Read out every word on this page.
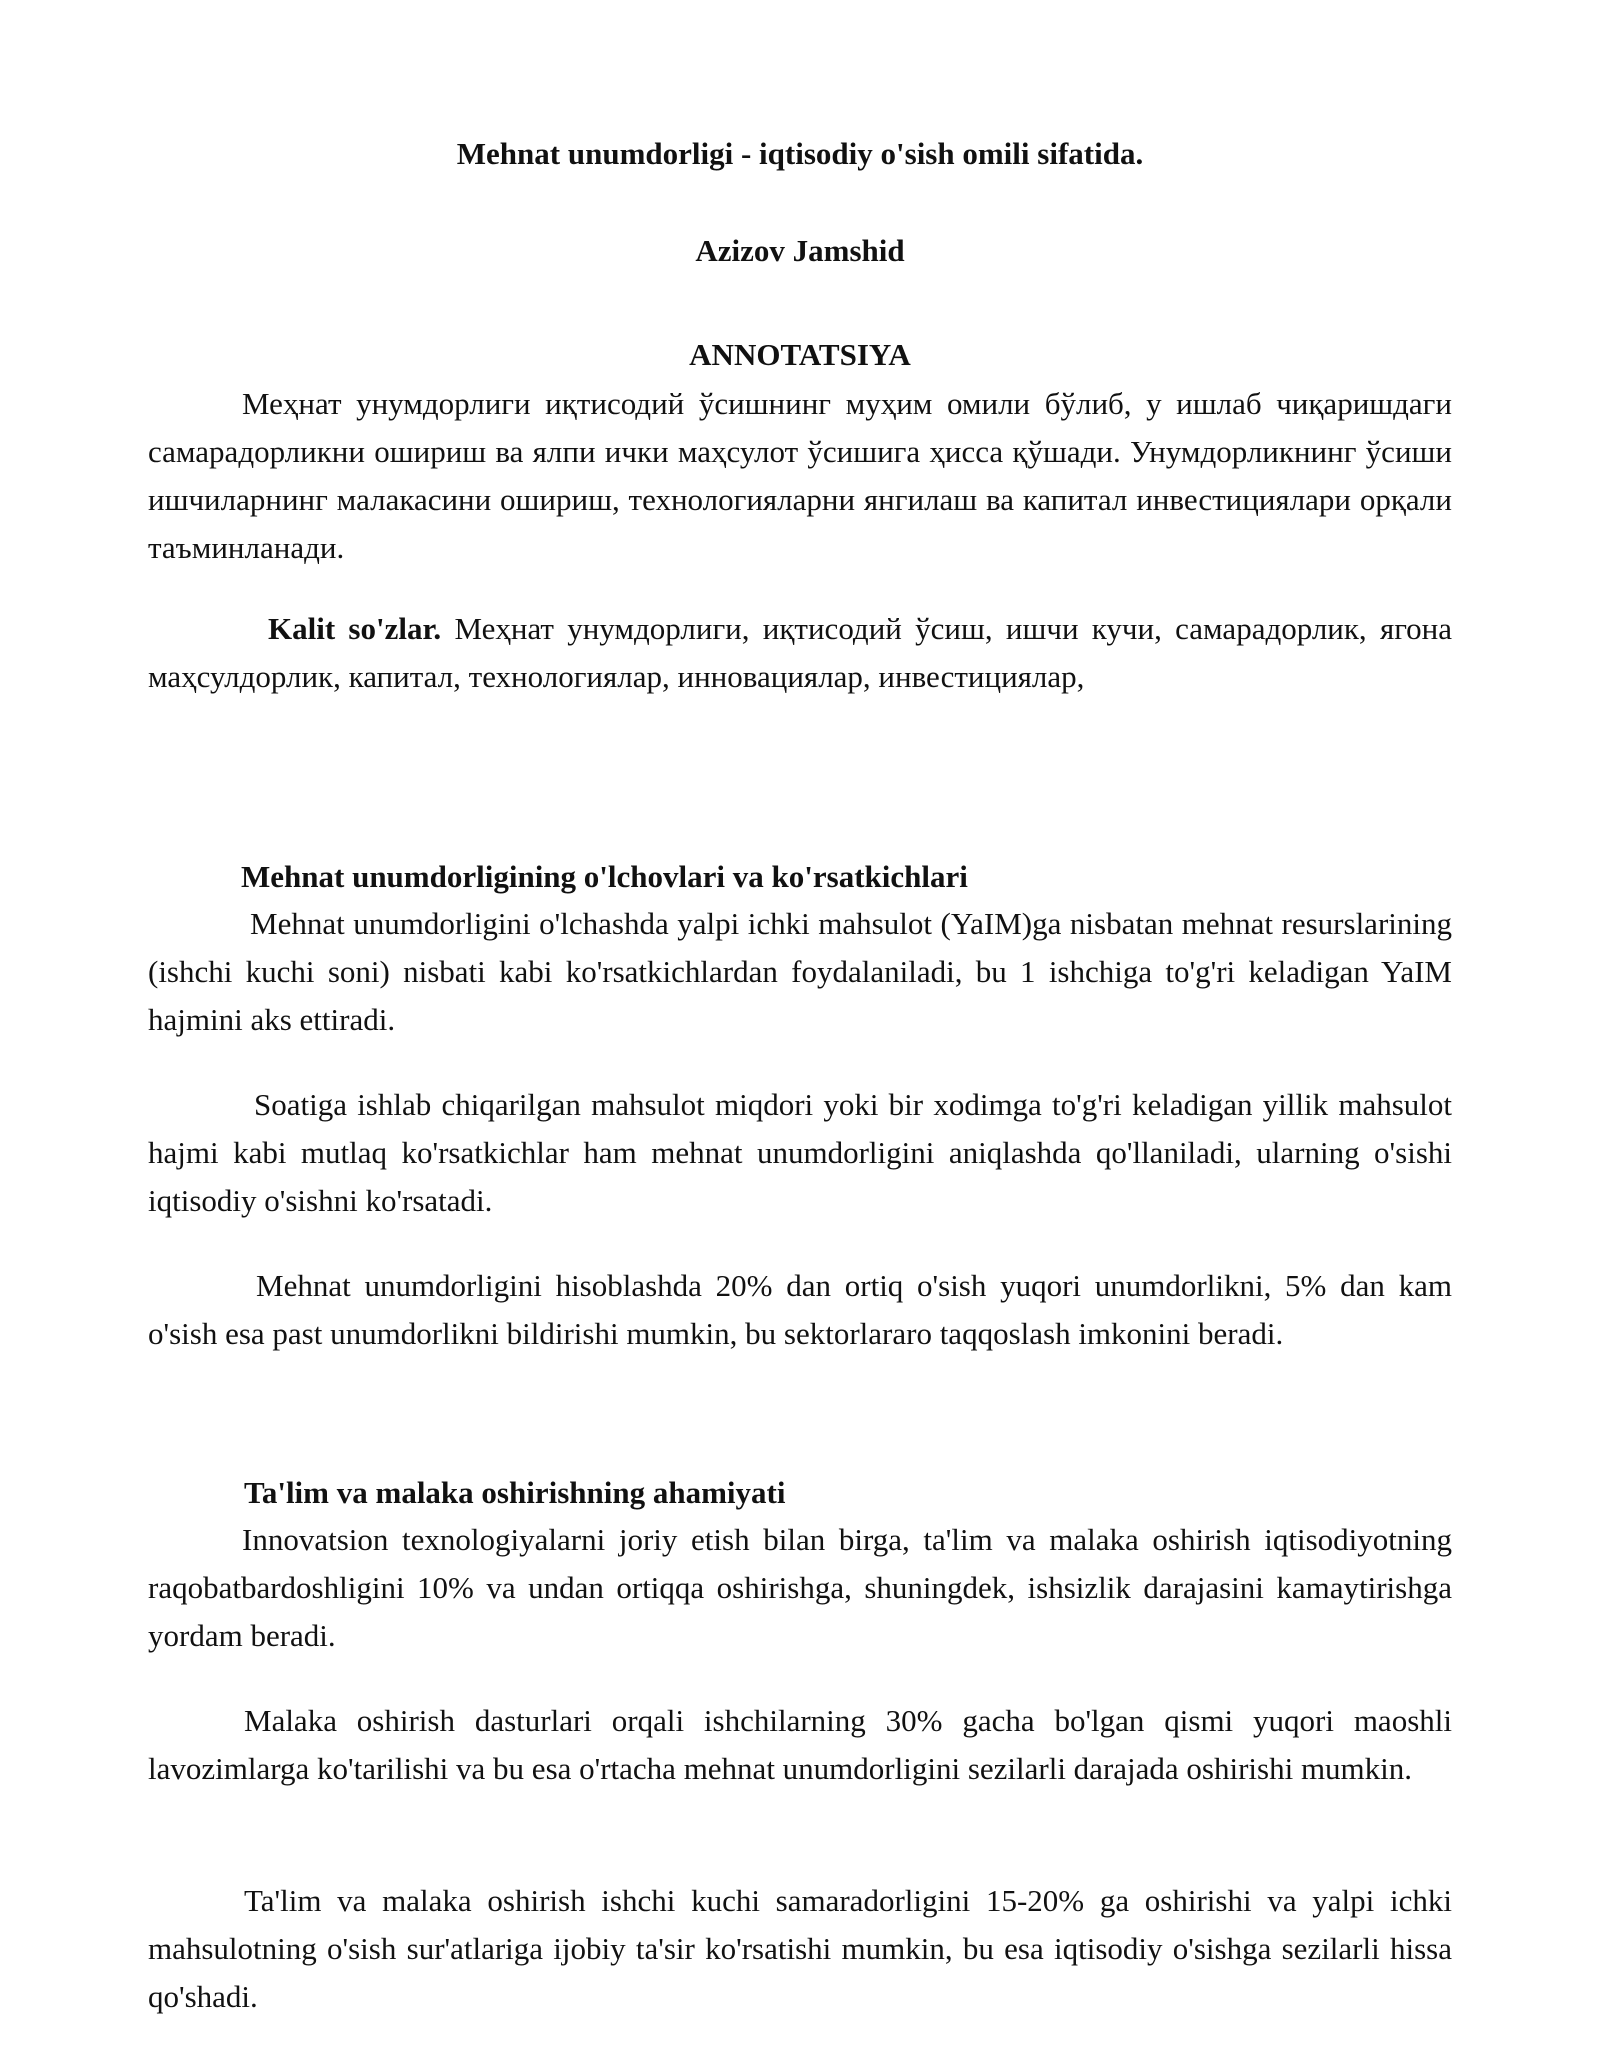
Mehnat unumdorligi - iqtisodiy o'sish omili sifatida.
Azizov Jamshid
ANNOTATSIYA

Меҳнат унумдорлиги иқтисодий ўсишнинг муҳим омили бўлиб, у ишлаб чиқаришдаги самарадорликни ошириш ва ялпи ички маҳсулот ўсишига ҳисса қўшади. Унумдорликнинг ўсиши ишчиларнинг малакасини ошириш, технологияларни янгилаш ва капитал инвестициялари орқали таъминланади.

Kalit so'zlar. Меҳнат унумдорлиги, иқтисодий ўсиш, ишчи кучи, самарадорлик, ягона маҳсулдорлик, капитал, технологиялар, инновациялар, инвестициялар,

Mehnat unumdorligining o'lchovlari va ko'rsatkichlari

Mehnat unumdorligini o'lchashda yalpi ichki mahsulot (YaIM)ga nisbatan mehnat resurslarining (ishchi kuchi soni) nisbati kabi ko'rsatkichlardan foydalaniladi, bu 1 ishchiga to'g'ri keladigan YaIM hajmini aks ettiradi.

Soatiga ishlab chiqarilgan mahsulot miqdori yoki bir xodimga to'g'ri keladigan yillik mahsulot hajmi kabi mutlaq ko'rsatkichlar ham mehnat unumdorligini aniqlashda qo'llaniladi, ularning o'sishi iqtisodiy o'sishni ko'rsatadi.

Mehnat unumdorligini hisoblashda 20% dan ortiq o'sish yuqori unumdorlikni, 5% dan kam o'sish esa past unumdorlikni bildirishi mumkin, bu sektorlararo taqqoslash imkonini beradi.

Ta'lim va malaka oshirishning ahamiyati

Innovatsion texnologiyalarni joriy etish bilan birga, ta'lim va malaka oshirish iqtisodiyotning raqobatbardoshligini 10% va undan ortiqqa oshirishga, shuningdek, ishsizlik darajasini kamaytirishga yordam beradi.

Malaka oshirish dasturlari orqali ishchilarning 30% gacha bo'lgan qismi yuqori maoshli lavozimlarga ko'tarilishi va bu esa o'rtacha mehnat unumdorligini sezilarli darajada oshirishi mumkin.

Ta'lim va malaka oshirish ishchi kuchi samaradorligini 15-20% ga oshirishi va yalpi ichki mahsulotning o'sish sur'atlariga ijobiy ta'sir ko'rsatishi mumkin, bu esa iqtisodiy o'sishga sezilarli hissa qo'shadi.
